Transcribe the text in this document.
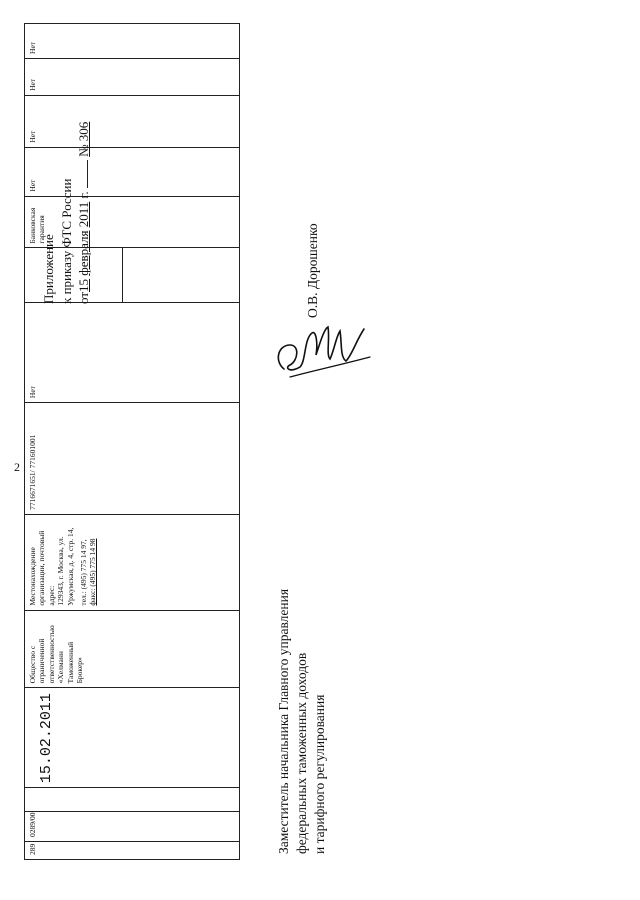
2
289
0289/00
15.02.2011
Общество с ограниченной ответственностью «Хелманн Таможенный Брокер»
Местонахождение организации, почтовый адрес: 129343, г. Москва, ул. Уржумская, д. 4, стр. 14, тел.: (495) 775 14 97, факс: (495) 775 14 98
7716671651/ 771601001
Нет
Банковская гарантия
Нет
Нет
Нет
Нет
Приложение к приказу ФТС России от15 февраля 2011 г.  № 306
Заместитель начальника Главного управления федеральных таможенных доходов и тарифного регулирования
О.В. Дорошенко
